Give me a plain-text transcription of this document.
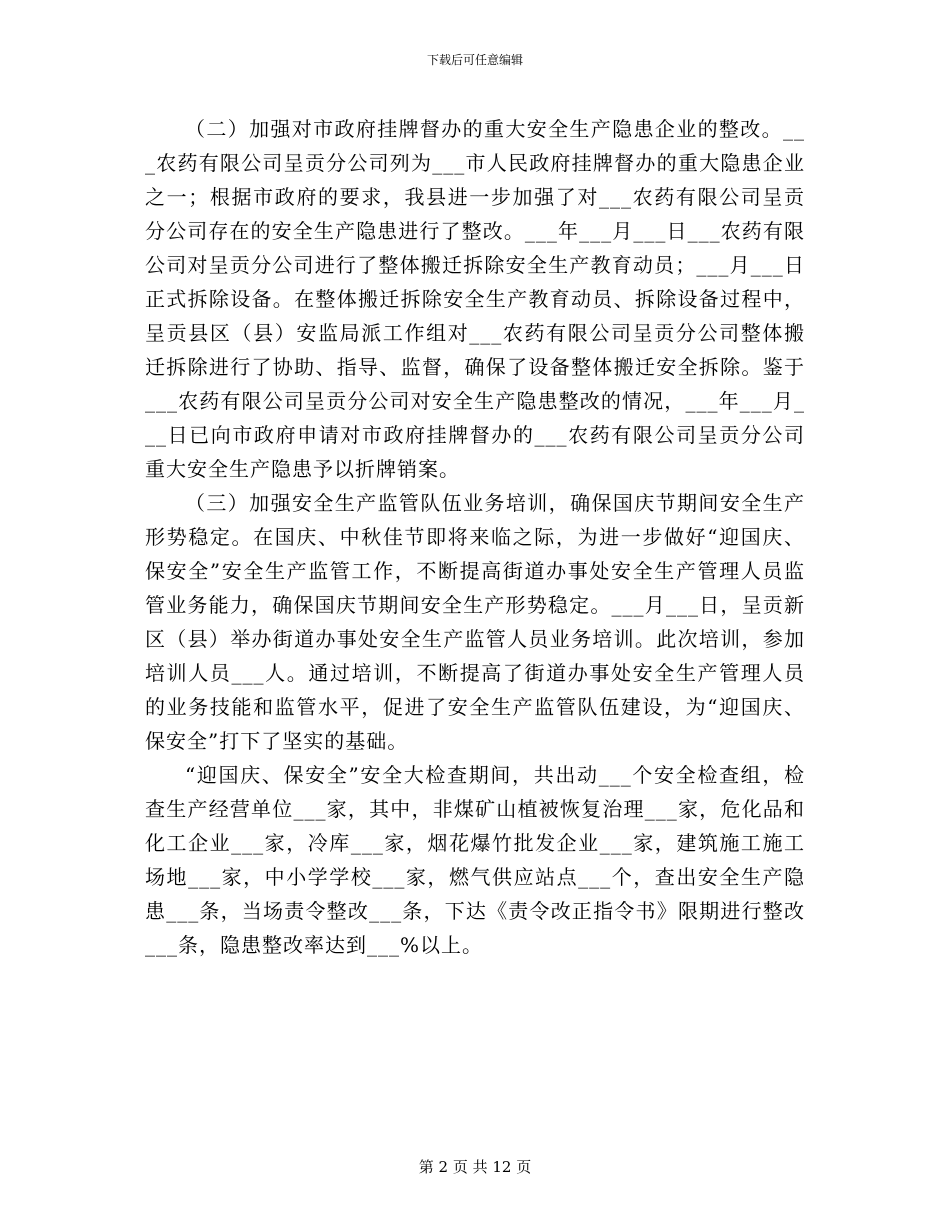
下载后可任意编辑

（二）加强对市政府挂牌督办的重大安全生产隐患企业的整改。___农药有限公司呈贡分公司列为___市人民政府挂牌督办的重大隐患企业之一；根据市政府的要求，我县进一步加强了对___农药有限公司呈贡分公司存在的安全生产隐患进行了整改。___年___月___日___农药有限公司对呈贡分公司进行了整体搬迁拆除安全生产教育动员；___月___日正式拆除设备。在整体搬迁拆除安全生产教育动员、拆除设备过程中，呈贡县区（县）安监局派工作组对___农药有限公司呈贡分公司整体搬迁拆除进行了协助、指导、监督，确保了设备整体搬迁安全拆除。鉴于___农药有限公司呈贡分公司对安全生产隐患整改的情况，___年___月___日已向市政府申请对市政府挂牌督办的___农药有限公司呈贡分公司重大安全生产隐患予以折牌销案。

（三）加强安全生产监管队伍业务培训，确保国庆节期间安全生产形势稳定。在国庆、中秋佳节即将来临之际，为进一步做好“迎国庆、保安全”安全生产监管工作，不断提高街道办事处安全生产管理人员监管业务能力，确保国庆节期间安全生产形势稳定。___月___日，呈贡新区（县）举办街道办事处安全生产监管人员业务培训。此次培训，参加培训人员___人。通过培训，不断提高了街道办事处安全生产管理人员的业务技能和监管水平，促进了安全生产监管队伍建设，为“迎国庆、保安全”打下了坚实的基础。

“迎国庆、保安全”安全大检查期间，共出动___个安全检查组，检查生产经营单位___家，其中，非煤矿山植被恢复治理___家，危化品和化工企业___家，冷库___家，烟花爆竹批发企业___家，建筑施工施工场地___家，中小学学校___家，燃气供应站点___个，查出安全生产隐患___条，当场责令整改___条，下达《责令改正指令书》限期进行整改___条，隐患整改率达到___%以上。

第 2 页 共 12 页
